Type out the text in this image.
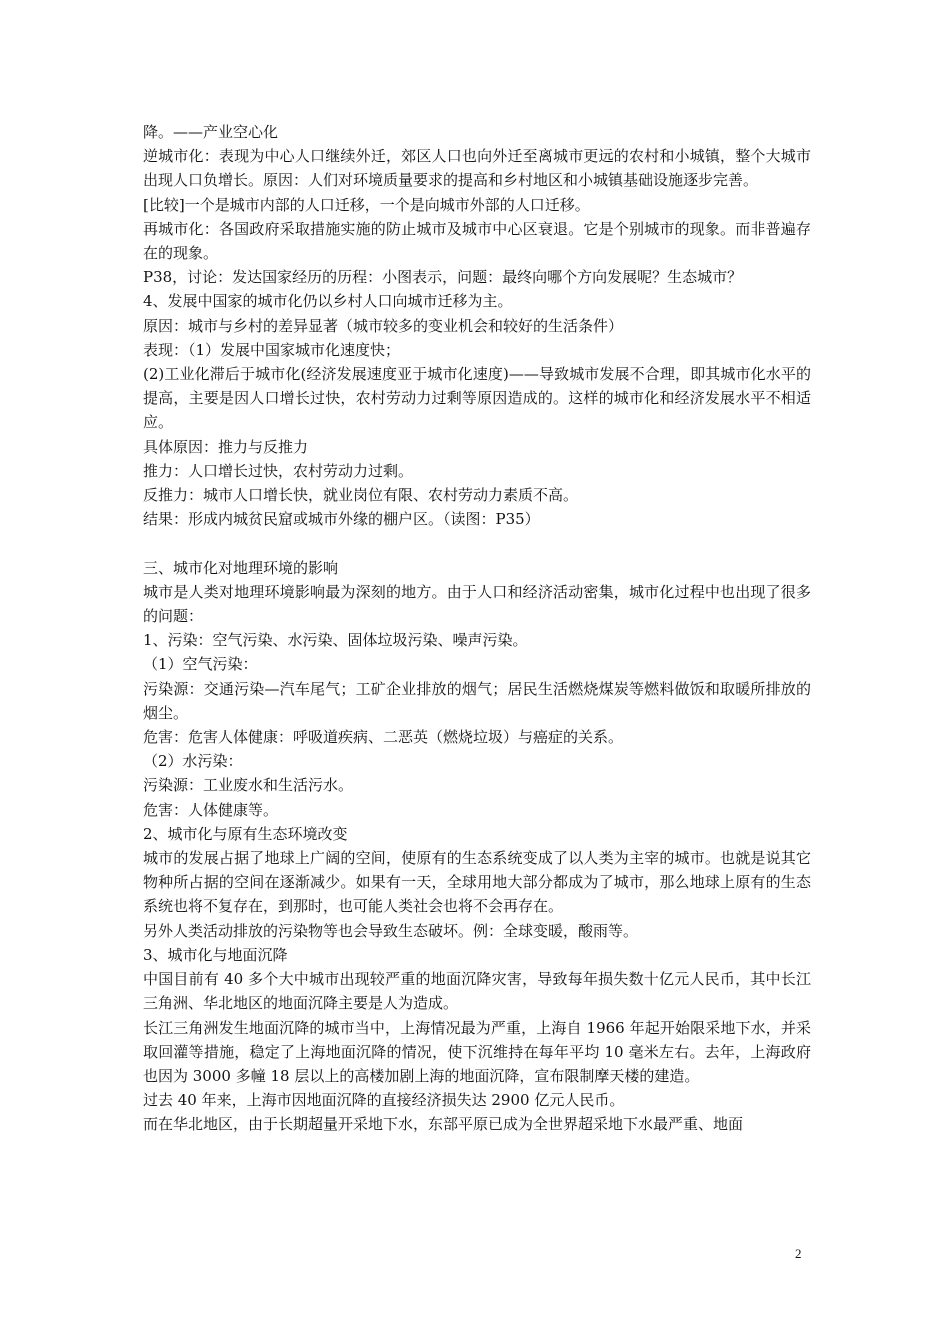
降。——产业空心化

逆城市化：表现为中心人口继续外迁，郊区人口也向外迁至离城市更远的农村和小城镇，整个大城市出现人口负增长。原因：人们对环境质量要求的提高和乡村地区和小城镇基础设施逐步完善。

[比较]一个是城市内部的人口迁移，一个是向城市外部的人口迁移。

再城市化：各国政府采取措施实施的防止城市及城市中心区衰退。它是个别城市的现象。而非普遍存在的现象。

P38，讨论：发达国家经历的历程：小图表示，问题：最终向哪个方向发展呢？生态城市？

4、发展中国家的城市化仍以乡村人口向城市迁移为主。

原因：城市与乡村的差异显著（城市较多的变业机会和较好的生活条件）

表现：（1）发展中国家城市化速度快；

(2)工业化滞后于城市化(经济发展速度亚于城市化速度)——导致城市发展不合理，即其城市化水平的提高，主要是因人口增长过快，农村劳动力过剩等原因造成的。这样的城市化和经济发展水平不相适应。

具体原因：推力与反推力

推力：人口增长过快，农村劳动力过剩。

反推力：城市人口增长快，就业岗位有限、农村劳动力素质不高。

结果：形成内城贫民窟或城市外缘的棚户区。（读图：P35）

三、城市化对地理环境的影响

城市是人类对地理环境影响最为深刻的地方。由于人口和经济活动密集，城市化过程中也出现了很多的问题：

1、污染：空气污染、水污染、固体垃圾污染、噪声污染。

（1）空气污染：

污染源：交通污染—汽车尾气；工矿企业排放的烟气；居民生活燃烧煤炭等燃料做饭和取暖所排放的烟尘。

危害：危害人体健康：呼吸道疾病、二恶英（燃烧垃圾）与癌症的关系。

（2）水污染：

污染源：工业废水和生活污水。

危害：人体健康等。

2、城市化与原有生态环境改变

城市的发展占据了地球上广阔的空间，使原有的生态系统变成了以人类为主宰的城市。也就是说其它物种所占据的空间在逐渐减少。如果有一天，全球用地大部分都成为了城市，那么地球上原有的生态系统也将不复存在，到那时，也可能人类社会也将不会再存在。

另外人类活动排放的污染物等也会导致生态破坏。例：全球变暖，酸雨等。

3、城市化与地面沉降

中国目前有 40 多个大中城市出现较严重的地面沉降灾害，导致每年损失数十亿元人民币，其中长江三角洲、华北地区的地面沉降主要是人为造成。

长江三角洲发生地面沉降的城市当中，上海情况最为严重，上海自 1966 年起开始限采地下水，并采取回灌等措施，稳定了上海地面沉降的情况，使下沉维持在每年平均 10 毫米左右。去年，上海政府也因为 3000 多幢 18 层以上的高楼加剧上海的地面沉降，宣布限制摩天楼的建造。

过去 40 年来，上海市因地面沉降的直接经济损失达 2900 亿元人民币。

而在华北地区，由于长期超量开采地下水，东部平原已成为全世界超采地下水最严重、地面

2
